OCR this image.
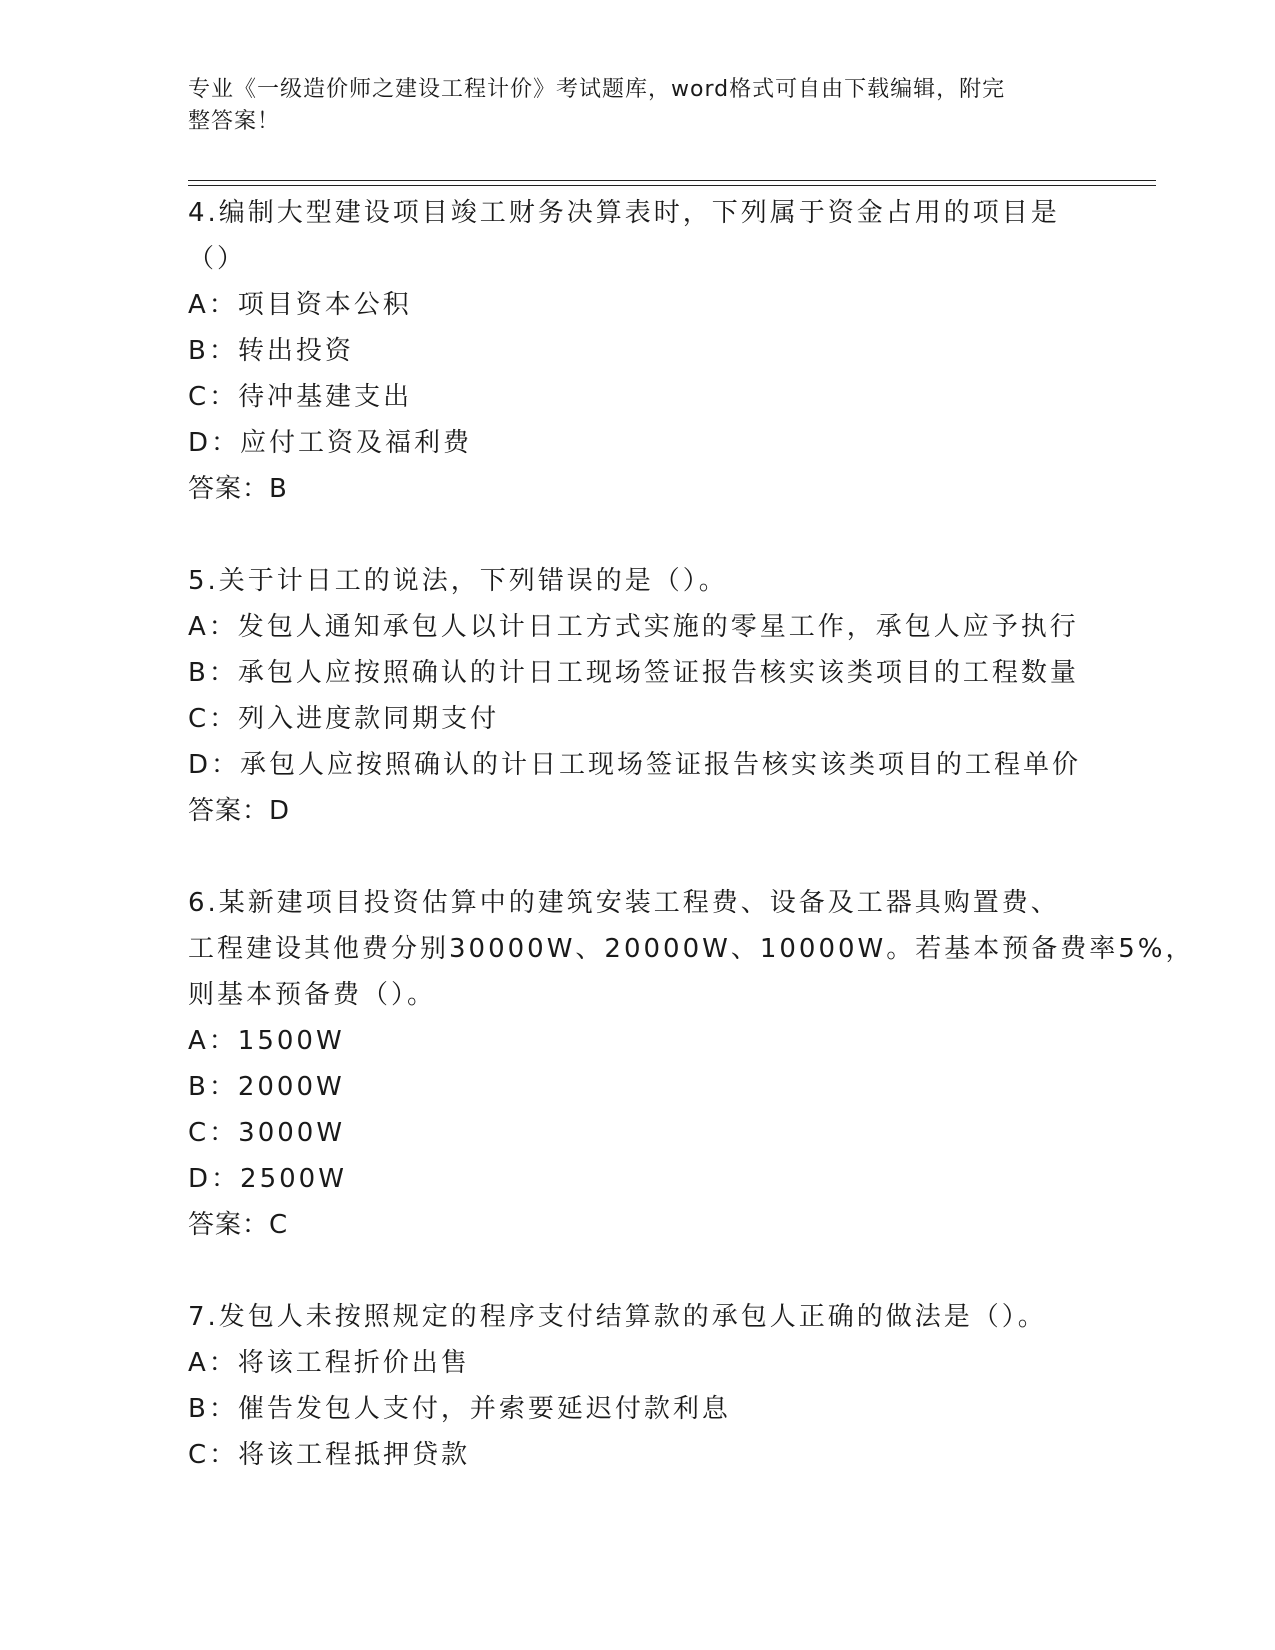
专业《一级造价师之建设工程计价》考试题库，word格式可自由下载编辑，附完
整答案！
4.编制大型建设项目竣工财务决算表时，下列属于资金占用的项目是
（）
A：项目资本公积
B：转出投资
C：待冲基建支出
D：应付工资及福利费
答案：B
5.关于计日工的说法，下列错误的是（）。
A：发包人通知承包人以计日工方式实施的零星工作，承包人应予执行
B：承包人应按照确认的计日工现场签证报告核实该类项目的工程数量
C：列入进度款同期支付
D：承包人应按照确认的计日工现场签证报告核实该类项目的工程单价
答案：D
6.某新建项目投资估算中的建筑安装工程费、设备及工器具购置费、
工程建设其他费分别30000W、20000W、10000W。若基本预备费率5%，
则基本预备费（）。
A：1500W
B：2000W
C：3000W
D：2500W
答案：C
7.发包人未按照规定的程序支付结算款的承包人正确的做法是（）。
A：将该工程折价出售
B：催告发包人支付，并索要延迟付款利息
C：将该工程抵押贷款
